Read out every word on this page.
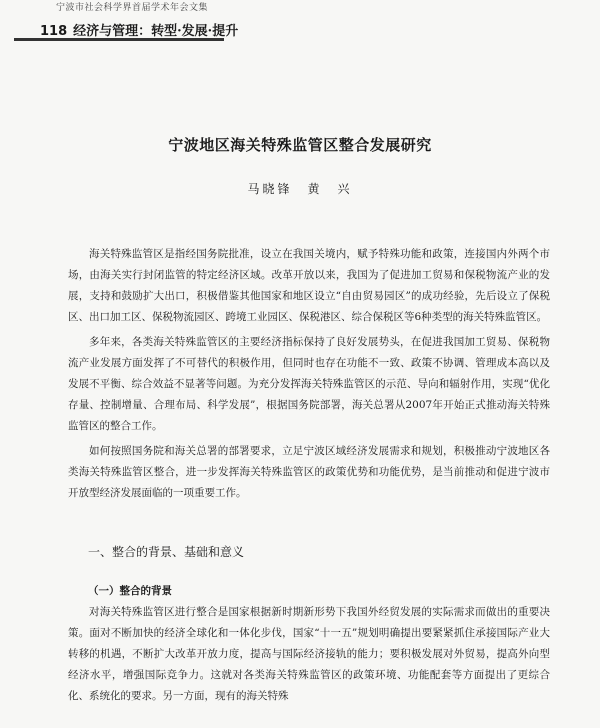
宁波市社会科学界首届学术年会文集
118 经济与管理：转型·发展·提升
宁波地区海关特殊监管区整合发展研究
马晓锋　黄　兴

海关特殊监管区是指经国务院批准，设立在我国关境内，赋予特殊功能和政策，连接国内外两个市场，由海关实行封闭监管的特定经济区域。改革开放以来，我国为了促进加工贸易和保税物流产业的发展，支持和鼓励扩大出口，积极借鉴其他国家和地区设立“自由贸易园区”的成功经验，先后设立了保税区、出口加工区、保税物流园区、跨境工业园区、保税港区、综合保税区等6种类型的海关特殊监管区。

多年来，各类海关特殊监管区的主要经济指标保持了良好发展势头，在促进我国加工贸易、保税物流产业发展方面发挥了不可替代的积极作用，但同时也存在功能不一致、政策不协调、管理成本高以及发展不平衡、综合效益不显著等问题。为充分发挥海关特殊监管区的示范、导向和辐射作用，实现“优化存量、控制增量、合理布局、科学发展”，根据国务院部署，海关总署从2007年开始正式推动海关特殊监管区的整合工作。

如何按照国务院和海关总署的部署要求，立足宁波区域经济发展需求和规划，积极推动宁波地区各类海关特殊监管区整合，进一步发挥海关特殊监管区的政策优势和功能优势，是当前推动和促进宁波市开放型经济发展面临的一项重要工作。

一、整合的背景、基础和意义
（一）整合的背景

对海关特殊监管区进行整合是国家根据新时期新形势下我国外经贸发展的实际需求而做出的重要决策。面对不断加快的经济全球化和一体化步伐，国家“十一五”规划明确提出要紧紧抓住承接国际产业大转移的机遇，不断扩大改革开放力度，提高与国际经济接轨的能力；要积极发展对外贸易，提高外向型经济水平，增强国际竞争力。这就对各类海关特殊监管区的政策环境、功能配套等方面提出了更综合化、系统化的要求。另一方面，现有的海关特殊
